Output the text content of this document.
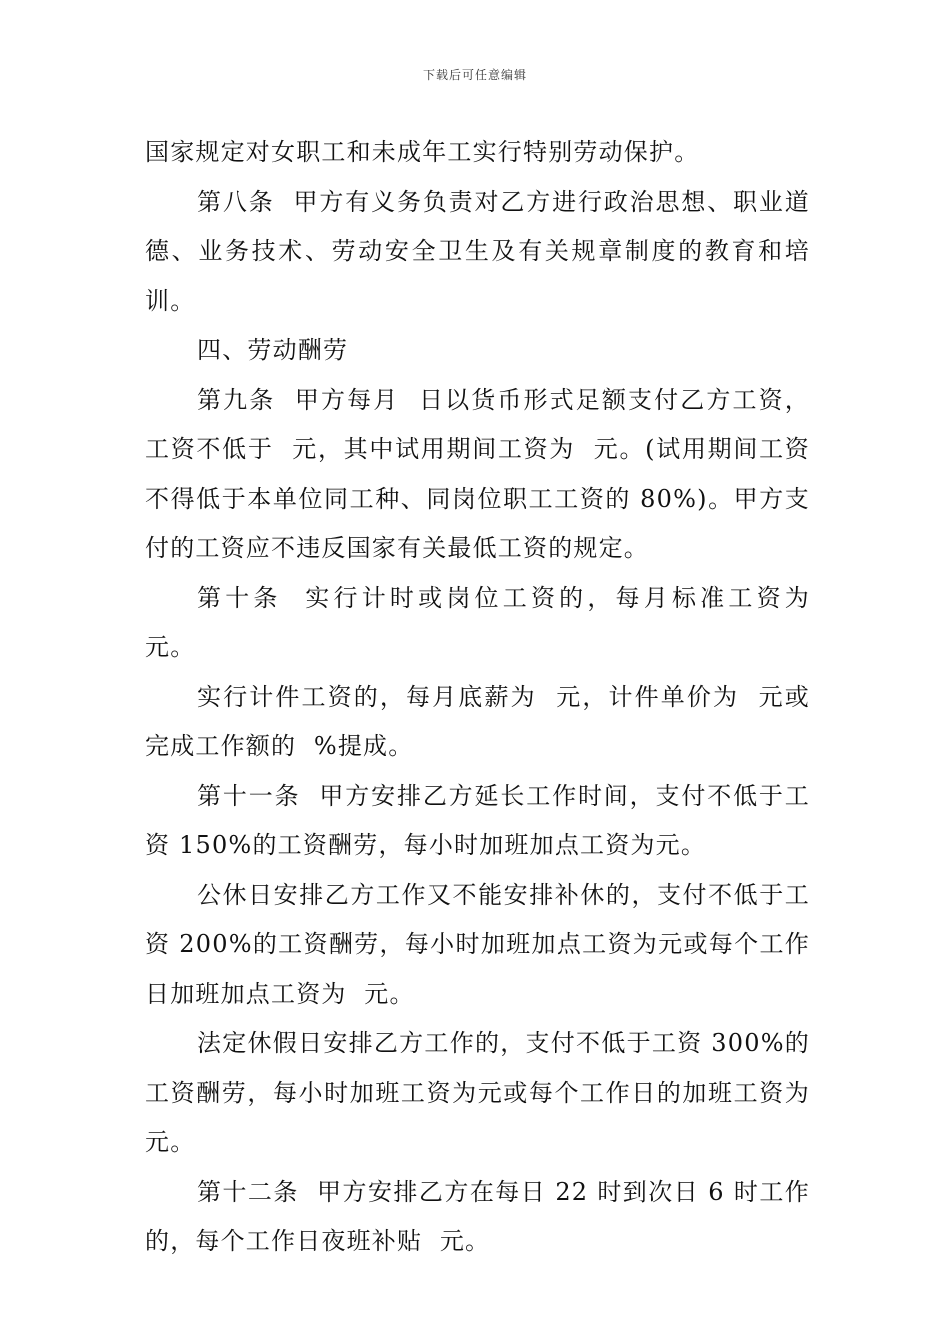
下载后可任意编辑

国家规定对女职工和未成年工实行特别劳动保护。

第八条  甲方有义务负责对乙方进行政治思想、职业道德、业务技术、劳动安全卫生及有关规章制度的教育和培训。

四、劳动酬劳

第九条  甲方每月  日以货币形式足额支付乙方工资，工资不低于  元，其中试用期间工资为  元。(试用期间工资不得低于本单位同工种、同岗位职工工资的 80%)。甲方支付的工资应不违反国家有关最低工资的规定。

第十条  实行计时或岗位工资的，每月标准工资为  元。

实行计件工资的，每月底薪为  元，计件单价为  元或完成工作额的  %提成。

第十一条  甲方安排乙方延长工作时间，支付不低于工资 150%的工资酬劳，每小时加班加点工资为元。

公休日安排乙方工作又不能安排补休的，支付不低于工资 200%的工资酬劳，每小时加班加点工资为元或每个工作日加班加点工资为  元。

法定休假日安排乙方工作的，支付不低于工资 300%的工资酬劳，每小时加班工资为元或每个工作日的加班工资为  元。

第十二条  甲方安排乙方在每日 22 时到次日 6 时工作的，每个工作日夜班补贴  元。
